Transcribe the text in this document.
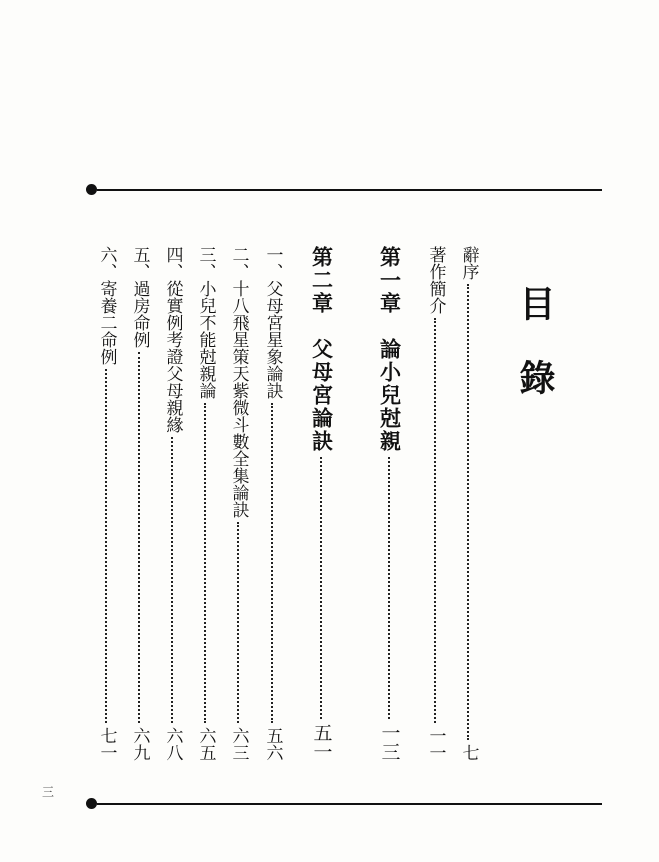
目錄
辭序
七
著作簡介
一一
第一章　論小兒尅親
一三
第二章　父母宮論訣
五一
一、父母宮星象論訣
五六
二、十八飛星策天紫微斗數全集論訣
六三
三、小兒不能尅親論
六五
四、從實例考證父母親緣
六八
五、過房命例
六九
六、寄養二命例
七一
三
